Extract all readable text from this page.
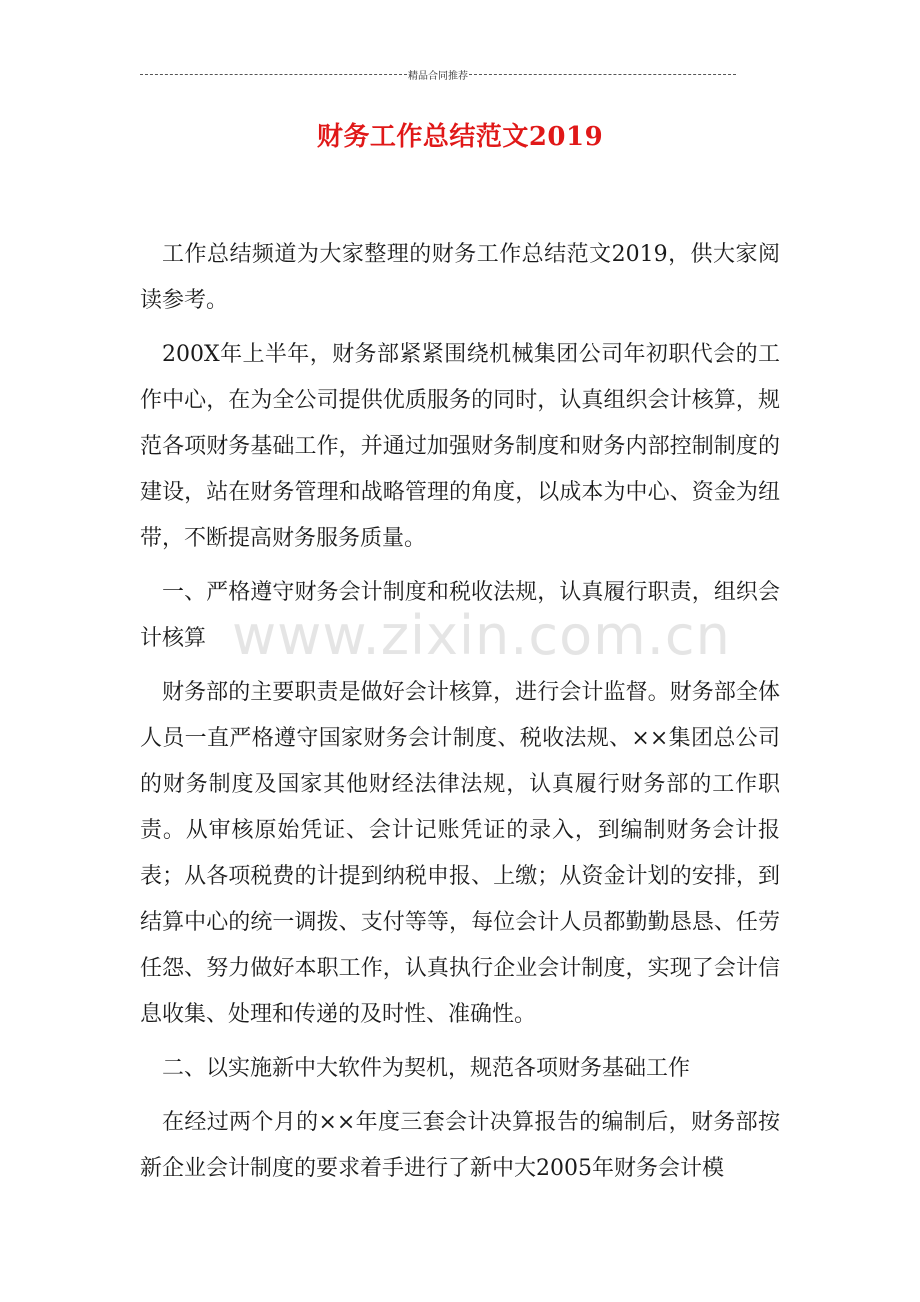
精品合同推荐
财务工作总结范文2019

工作总结频道为大家整理的财务工作总结范文2019，供大家阅读参考。

200X年上半年，财务部紧紧围绕机械集团公司年初职代会的工作中心，在为全公司提供优质服务的同时，认真组织会计核算，规范各项财务基础工作，并通过加强财务制度和财务内部控制制度的建设，站在财务管理和战略管理的角度，以成本为中心、资金为纽带，不断提高财务服务质量。

一、严格遵守财务会计制度和税收法规，认真履行职责，组织会计核算

财务部的主要职责是做好会计核算，进行会计监督。财务部全体人员一直严格遵守国家财务会计制度、税收法规、××集团总公司的财务制度及国家其他财经法律法规，认真履行财务部的工作职责。从审核原始凭证、会计记账凭证的录入，到编制财务会计报表；从各项税费的计提到纳税申报、上缴；从资金计划的安排，到结算中心的统一调拨、支付等等，每位会计人员都勤勤恳恳、任劳任怨、努力做好本职工作，认真执行企业会计制度，实现了会计信息收集、处理和传递的及时性、准确性。

二、以实施新中大软件为契机，规范各项财务基础工作

在经过两个月的××年度三套会计决算报告的编制后，财务部按新企业会计制度的要求着手进行了新中大2005年财务会计模

www.zixin.com.cn
